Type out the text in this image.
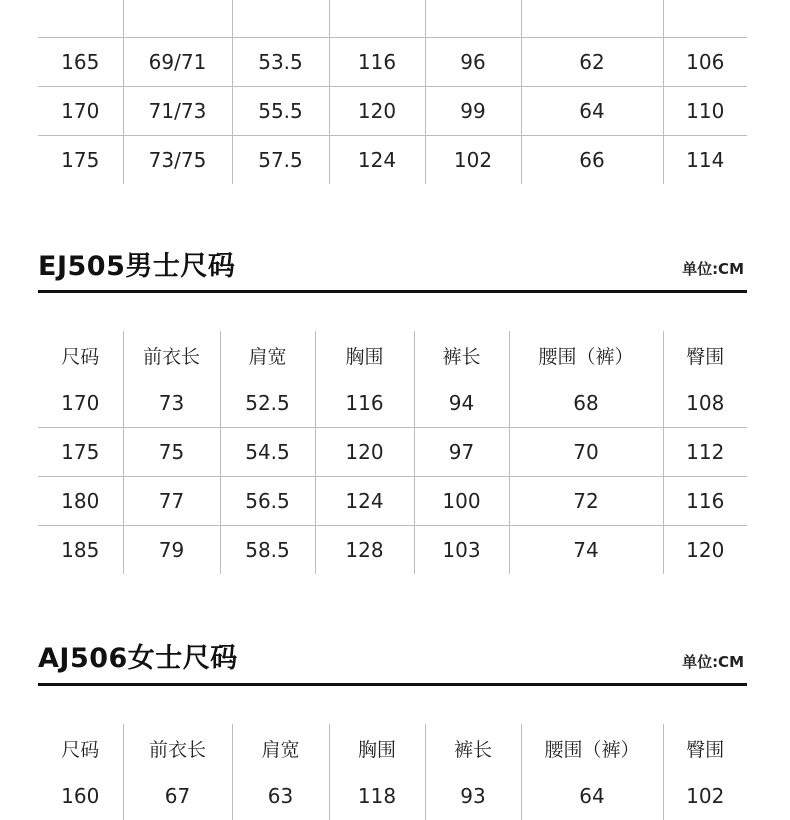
165	69/71	53.5	116	96	62	106
170	71/73	55.5	120	99	64	110
175	73/75	57.5	124	102	66	114
EJ505男士尺码	单位:CM
尺码	前衣长	肩宽	胸围	裤长	腰围（裤）	臀围
170	73	52.5	116	94	68	108
175	75	54.5	120	97	70	112
180	77	56.5	124	100	72	116
185	79	58.5	128	103	74	120
AJ506女士尺码	单位:CM
尺码	前衣长	肩宽	胸围	裤长	腰围（裤）	臀围
160	67	63	118	93	64	102
